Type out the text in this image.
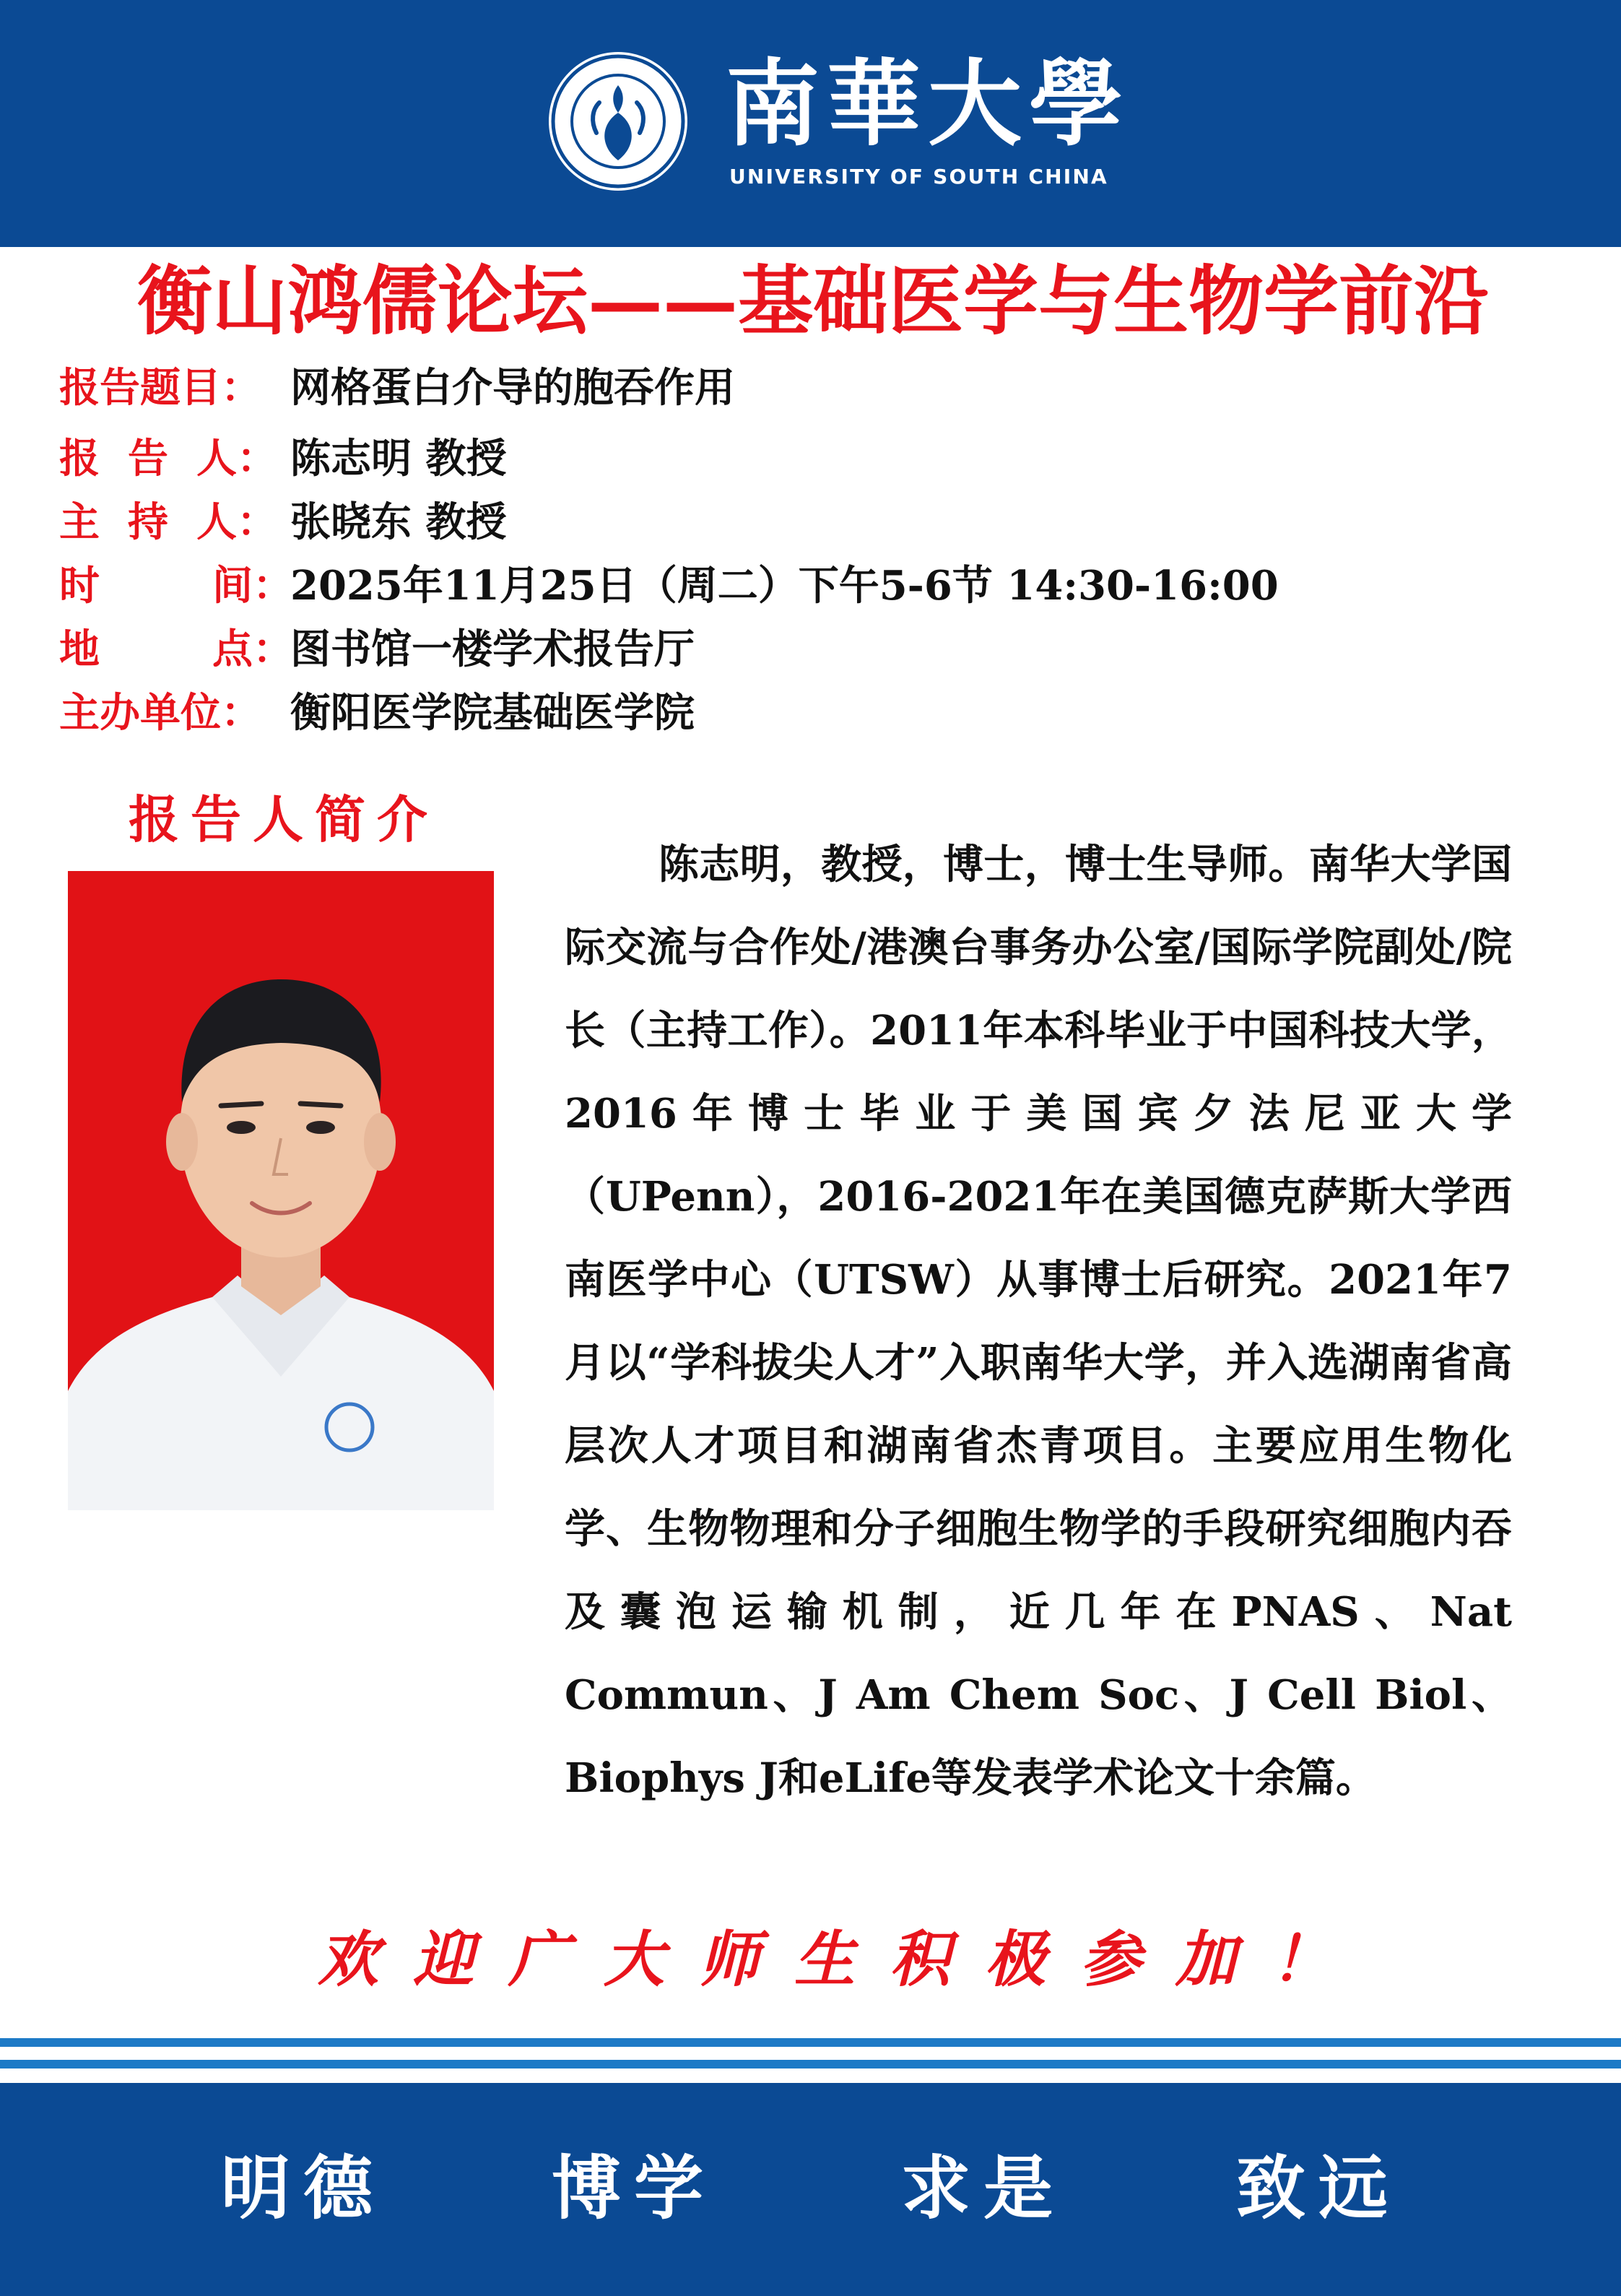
南華大學
UNIVERSITY OF SOUTH CHINA
衡山鸿儒论坛——基础医学与生物学前沿
报告题目： 网格蛋白介导的胞吞作用
报  告  人： 陈志明 教授
主  持  人： 张晓东 教授
时        间：2025年11月25日（周二）下午5-6节 14:30-16:00
地        点：图书馆一楼学术报告厅
主办单位： 衡阳医学院基础医学院
报告人简介
陈志明，教授，博士，博士生导师。南华大学国际交流与合作处/港澳台事务办公室/国际学院副处/院长（主持工作）。2011年本科毕业于中国科技大学，2016年博士毕业于美国宾夕法尼亚大学（UPenn），2016-2021年在美国德克萨斯大学西南医学中心（UTSW）从事博士后研究。2021年7月以“学科拔尖人才”入职南华大学，并入选湖南省高层次人才项目和湖南省杰青项目。主要应用生物化学、生物物理和分子细胞生物学的手段研究细胞内吞及囊泡运输机制，近几年在PNAS、Nat Commun、J Am Chem Soc、J Cell Biol、Biophys J和eLife等发表学术论文十余篇。
欢迎广大师生积极参加！
明德 博学	求是 致远
